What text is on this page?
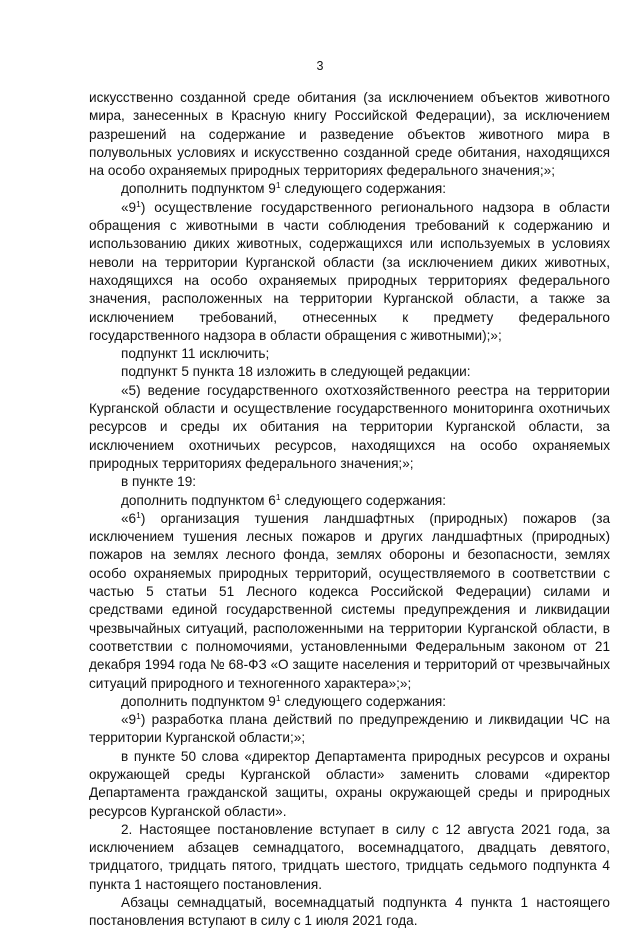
3

искусственно созданной среде обитания (за исключением объектов животного мира, занесенных в Красную книгу Российской Федерации), за исключением разрешений на содержание и разведение объектов животного мира в полувольных условиях и искусственно созданной среде обитания, находящихся на особо охраняемых природных территориях федерального значения;»;

дополнить подпунктом $9^1$ следующего содержания:

«$9^1$) осуществление государственного регионального надзора в области обращения с животными в части соблюдения требований к содержанию и использованию диких животных, содержащихся или используемых в условиях неволи на территории Курганской области (за исключением диких животных, находящихся на особо охраняемых природных территориях федерального значения, расположенных на территории Курганской области, а также за исключением требований, отнесенных к предмету федерального государственного надзора в области обращения с животными);»;

подпункт 11 исключить;

подпункт 5 пункта 18 изложить в следующей редакции:

«5) ведение государственного охотхозяйственного реестра на территории Курганской области и осуществление государственного мониторинга охотничьих ресурсов и среды их обитания на территории Курганской области, за исключением охотничьих ресурсов, находящихся на особо охраняемых природных территориях федерального значения;»;

в пункте 19:

дополнить подпунктом $6^1$ следующего содержания:

«$6^1$) организация тушения ландшафтных (природных) пожаров (за исключением тушения лесных пожаров и других ландшафтных (природных) пожаров на землях лесного фонда, землях обороны и безопасности, землях особо охраняемых природных территорий, осуществляемого в соответствии с частью 5 статьи 51 Лесного кодекса Российской Федерации) силами и средствами единой государственной системы предупреждения и ликвидации чрезвычайных ситуаций, расположенными на территории Курганской области, в соответствии с полномочиями, установленными Федеральным законом от 21 декабря 1994 года № 68-ФЗ «О защите населения и территорий от чрезвычайных ситуаций природного и техногенного характера»;»;

дополнить подпунктом $9^1$ следующего содержания:

«$9^1$) разработка плана действий по предупреждению и ликвидации ЧС на территории Курганской области;»;

в пункте 50 слова «директор Департамента природных ресурсов и охраны окружающей среды Курганской области» заменить словами «директор Департамента гражданской защиты, охраны окружающей среды и природных ресурсов Курганской области».

2. Настоящее постановление вступает в силу с 12 августа 2021 года, за исключением абзацев семнадцатого, восемнадцатого, двадцать девятого, тридцатого, тридцать пятого, тридцать шестого, тридцать седьмого подпункта 4 пункта 1 настоящего постановления.

Абзацы семнадцатый, восемнадцатый подпункта 4 пункта 1 настоящего постановления вступают в силу с 1 июля 2021 года.
